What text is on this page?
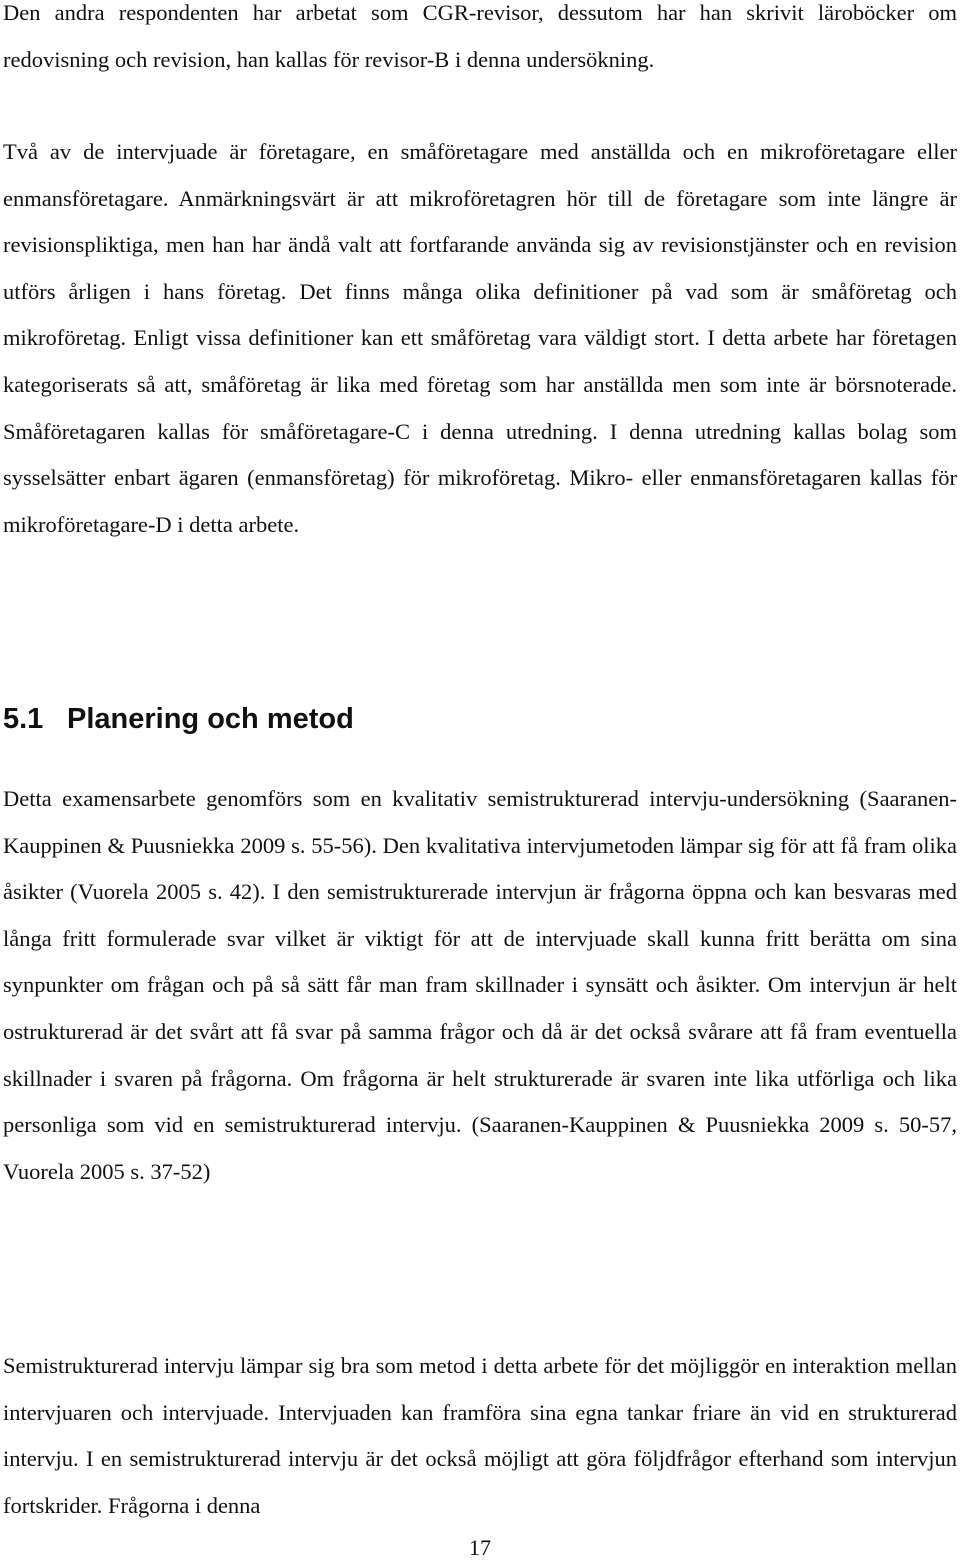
Den andra respondenten har arbetat som CGR-revisor, dessutom har han skrivit läroböcker om redovisning och revision, han kallas för revisor-B i denna undersökning.

Två av de intervjuade är företagare, en småföretagare med anställda och en mikroföretagare eller enmansföretagare. Anmärkningsvärt är att mikroföretagren hör till de företagare som inte längre är revisionspliktiga, men han har ändå valt att fortfarande använda sig av revisionstjänster och en revision utförs årligen i hans företag. Det finns många olika definitioner på vad som är småföretag och mikroföretag. Enligt vissa definitioner kan ett småföretag vara väldigt stort. I detta arbete har företagen kategoriserats så att, småföretag är lika med företag som har anställda men som inte är börsnoterade. Småföretagaren kallas för småföretagare-C i denna utredning. I denna utredning kallas bolag som sysselsätter enbart ägaren (enmansföretag) för mikroföretag. Mikro- eller enmansföretagaren kallas för mikroföretagare-D i detta arbete.

5.1 Planering och metod

Detta examensarbete genomförs som en kvalitativ semistrukturerad intervju-undersökning (Saaranen-Kauppinen & Puusniekka 2009 s. 55-56). Den kvalitativa intervjumetoden lämpar sig för att få fram olika åsikter (Vuorela 2005 s. 42). I den semistrukturerade intervjun är frågorna öppna och kan besvaras med långa fritt formulerade svar vilket är viktigt för att de intervjuade skall kunna fritt berätta om sina synpunkter om frågan och på så sätt får man fram skillnader i synsätt och åsikter. Om intervjun är helt ostrukturerad är det svårt att få svar på samma frågor och då är det också svårare att få fram eventuella skillnader i svaren på frågorna. Om frågorna är helt strukturerade är svaren inte lika utförliga och lika personliga som vid en semistrukturerad intervju. (Saaranen-Kauppinen & Puusniekka 2009 s. 50-57, Vuorela 2005 s. 37-52)

Semistrukturerad intervju lämpar sig bra som metod i detta arbete för det möjliggör en interaktion mellan intervjuaren och intervjuade. Intervjuaden kan framföra sina egna tankar friare än vid en strukturerad intervju. I en semistrukturerad intervju är det också möjligt att göra följdfrågor efterhand som intervjun fortskrider. Frågorna i denna

17
